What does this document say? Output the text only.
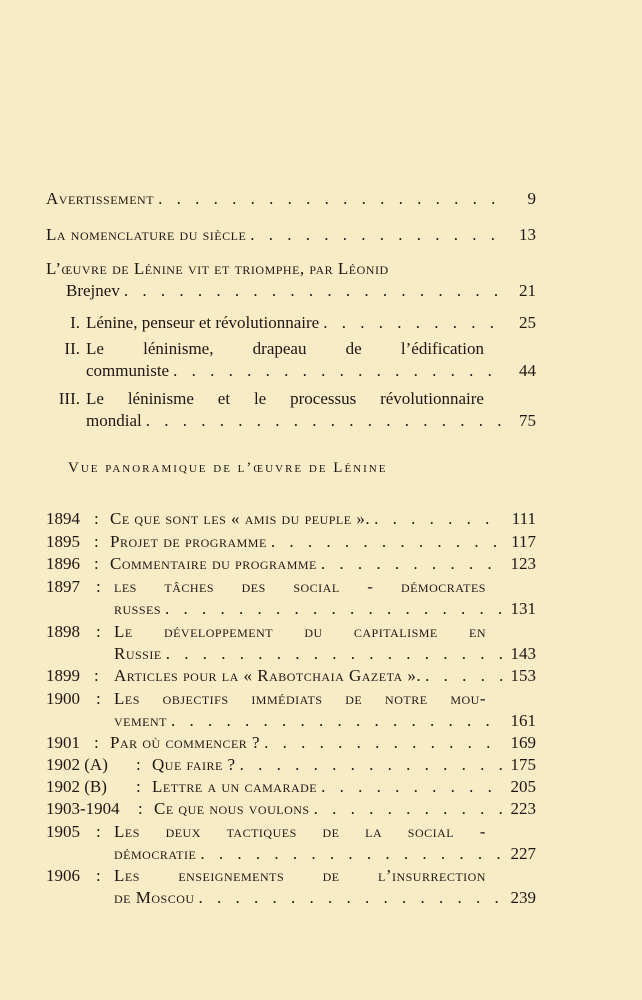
Avertissement . . .	9
La nomenclature du siècle . . .	13
L’œuvre de Lénine vit et triomphe, par Léonid
Brejnev . . .	21
I. Lénine, penseur et révolutionnaire . . .	25
II. Le léninisme, drapeau de l’édification
communiste . . .	44
III. Le léninisme et le processus révolutionnaire
mondial . . .	75
Vue panoramique de l’œuvre de Lénine
1894 : Ce que sont les « amis du peuple ». . . .	111
1895 : Projet de programme . . .	117
1896 : Commentaire du programme . . .	123
1897 : les tâches des social - démocrates
russes . . .	131
1898 : Le développement du capitalisme en
Russie . . .	143
1899 : Articles pour la « Rabotchaia Gazeta ». . . .	153
1900 : Les objectifs immédiats de notre mou-
vement . . .	161
1901 : Par où commencer ? . . .	169
1902 (A)	: Que faire ? . . .	175
1902 (B)	: Lettre a un camarade . . .	205
1903-1904	: Ce que nous voulons . . .	223
1905 : Les deux tactiques de la social -
démocratie . . .	227
1906 : Les enseignements de l’insurrection
de Moscou . . .	239
